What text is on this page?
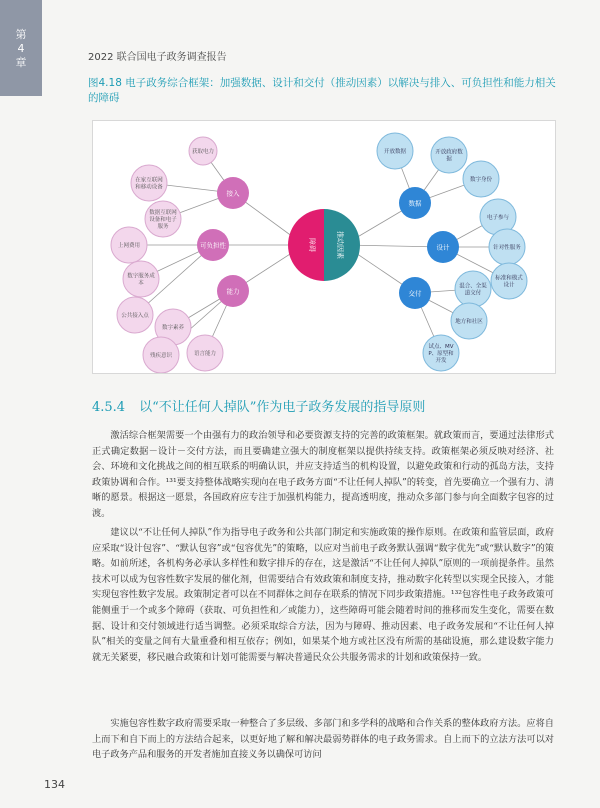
第
4
章	2022 联合国电子政务调查报告
图4.18 电子政务综合框架：加强数据、设计和交付（推动因素）以解决与排入、可负担性和能力相关的障碍
获取电力
在家互联网
和移动设备
数据互联网
设备和电子
服务
上网费用
数字服务成
本
公共接入点
数字素养
残疾意识	语言能力
开放数据	开放政府数
据
数字身份
电子参与
针对性服务
标准和模式
设计
混合、全渠
道交付
地方和社区
试点、MV
P、原型和
开发
接入
可负担性
能力
数据
设计
交付
障碍	推动因素
4.5.4 以“不让任何人掉队”作为电子政务发展的指导原则

激活综合框架需要一个由强有力的政治领导和必要资源支持的完善的政策框架。就政策而言，要通过法律形式正式确定数据－设计－交付方法，而且要确建立强大的制度框架以提供持续支持。政策框架必须反映对经济、社会、环境和文化挑战之间的相互联系的明确认识，并应支持适当的机构设置，以避免政策和行动的孤岛方法，支持政策协调和合作。¹³¹要支持整体战略实现向在电子政务方面“不让任何人掉队”的转变，首先要确立一个强有力、清晰的愿景。根据这一愿景，各国政府应专注于加强机构能力，提高透明度，推动众多部门参与向全面数字包容的过渡。

建议以“不让任何人掉队”作为指导电子政务和公共部门制定和实施政策的操作原则。在政策和监管层面，政府应采取“设计包容”、“默认包容”或“包容优先”的策略，以应对当前电子政务默认强调“数字优先”或“默认数字”的策略。如前所述，各机构务必承认多样性和数字排斥的存在，这是激活“不让任何人掉队”原则的一项前提条件。虽然技术可以成为包容性数字发展的催化剂，但需要结合有效政策和制度支持，推动数字化转型以实现全民接入，才能实现包容性数字发展。政策制定者可以在不同群体之间存在联系的情况下同步政策措施。¹³²包容性电子政务政策可能侧重于一个或多个障碍（获取、可负担性和／或能力），这些障碍可能会随着时间的推移而发生变化，需要在数据、设计和交付领域进行适当调整。必须采取综合方法，因为与障碍、推动因素、电子政务发展和“不让任何人掉队”相关的变量之间有大量重叠和相互依存；例如，如果某个地方或社区没有所需的基础设施，那么建设数字能力就无关紧要，移民融合政策和计划可能需要与解决普通民众公共服务需求的计划和政策保持一致。

实施包容性数字政府需要采取一种整合了多层级、多部门和多学科的战略和合作关系的整体政府方法。应将自上而下和自下而上的方法结合起来，以更好地了解和解决最弱势群体的电子政务需求。自上而下的立法方法可以对电子政务产品和服务的开发者施加直接义务以确保可访问

134
